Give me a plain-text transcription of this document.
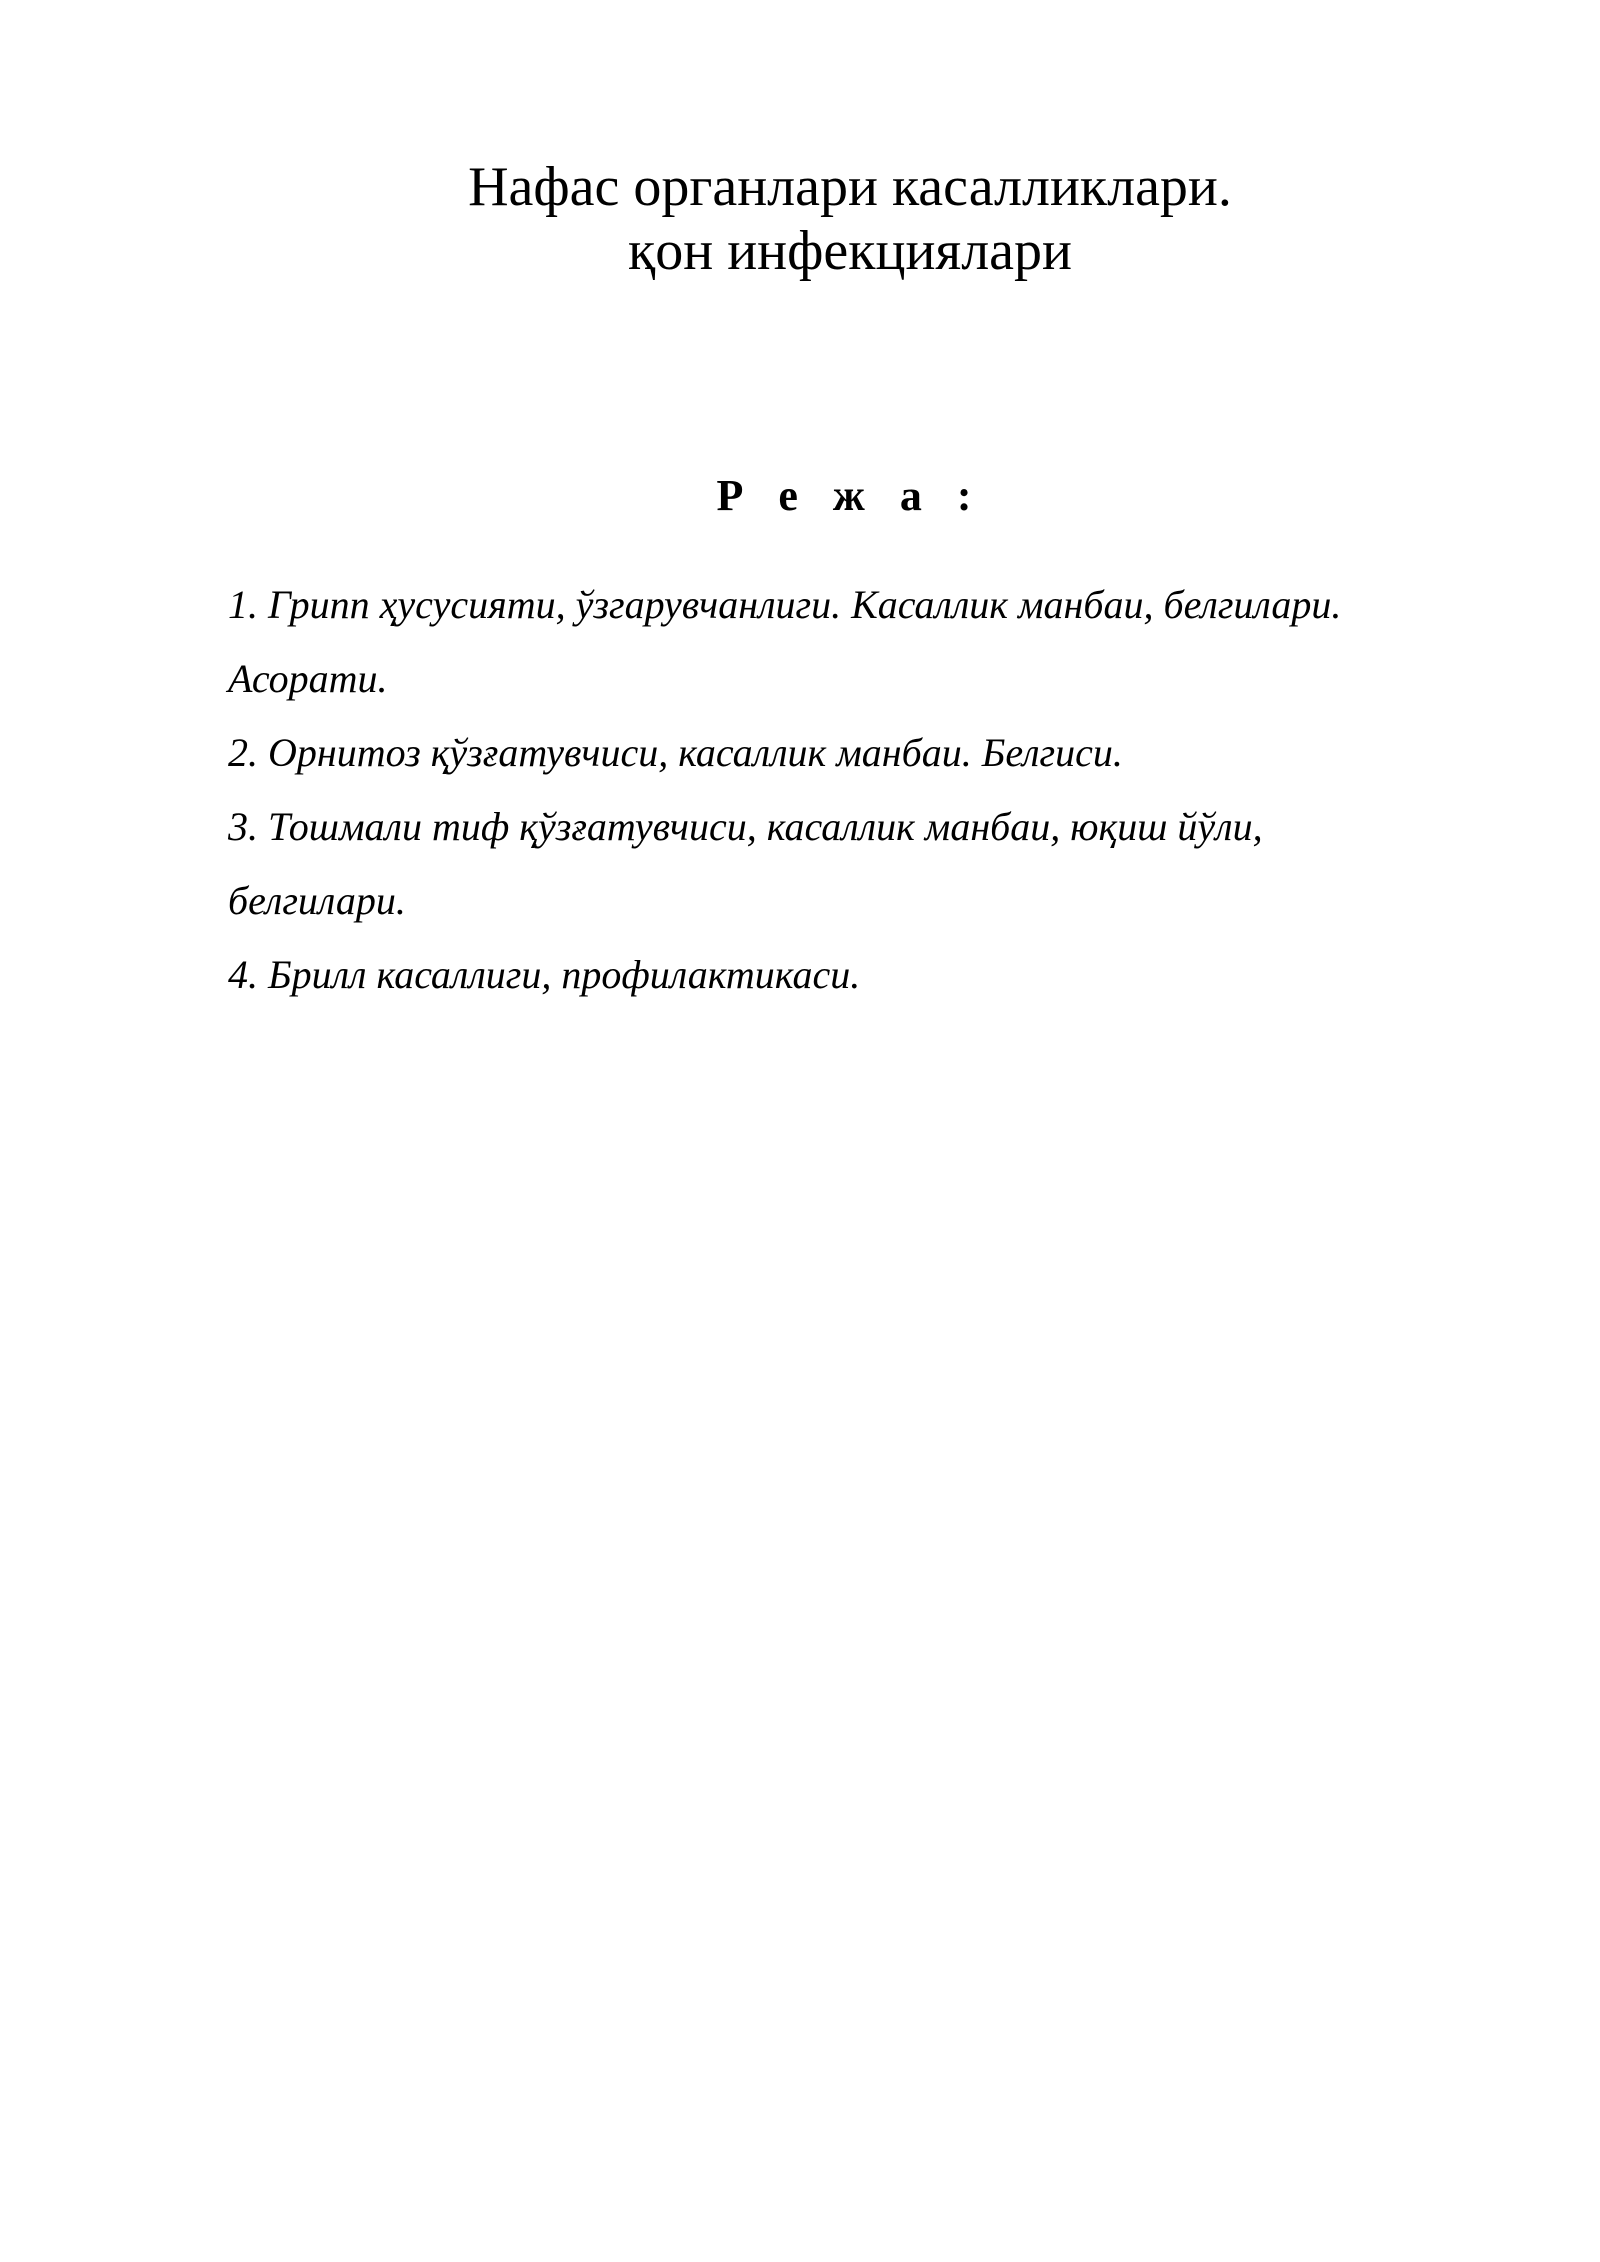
Нафас органлари касалликлари.
қон инфекциялари
Р е ж а :
1. Грипп ҳусусияти, ўзгарувчанлиги. Касаллик манбаи, белгилари.
Асорати.
2. Орнитоз қўзғатувчиси, касаллик манбаи. Белгиси.
3. Тошмали тиф қўзғатувчиси, касаллик манбаи, юқиш йўли,
белгилари.
4. Брилл касаллиги, профилактикаси.
